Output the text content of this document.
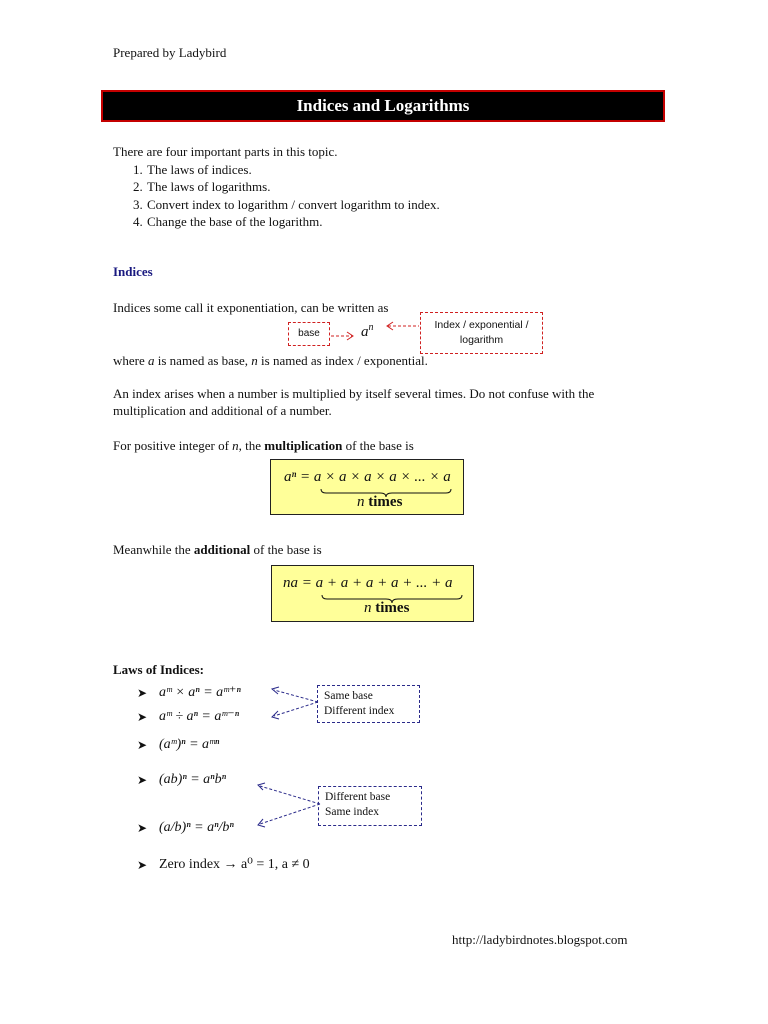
Prepared by Ladybird
Indices and Logarithms
There are four important parts in this topic.
1. The laws of indices.
2. The laws of logarithms.
3. Convert index to logarithm / convert logarithm to index.
4. Change the base of the logarithm.
Indices
Indices some call it exponentiation, can be written as
base	$a^n$	Index / exponential / logarithm
where a is named as base, n is named as index / exponential.
An index arises when a number is multiplied by itself several times. Do not confuse with the multiplication and additional of a number.
For positive integer of n, the multiplication of the base is
aⁿ = a × a × a × a × ... × a
n times
Meanwhile the additional of the base is
na = a + a + a + a + ... + a
n times
Laws of Indices:
➤ aᵐ × aⁿ = aᵐ⁺ⁿ
➤ aᵐ ÷ aⁿ = aᵐ⁻ⁿ
➤ (aᵐ)ⁿ = aᵐⁿ
➤ (ab)ⁿ = aⁿbⁿ
➤ (a/b)ⁿ = aⁿ/bⁿ
➤ Zero index → a⁰ = 1, a ≠ 0
Same base
Different index
Different base
Same index
http://ladybirdnotes.blogspot.com
